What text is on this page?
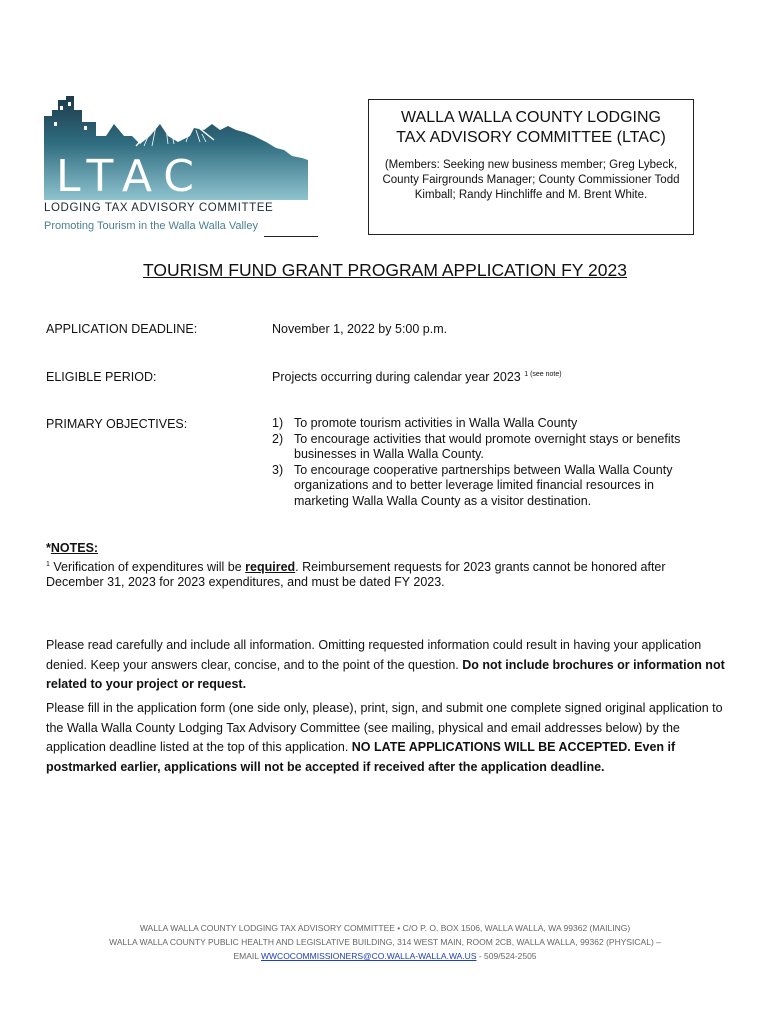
LTAC
LODGING TAX ADVISORY COMMITTEE
Promoting Tourism in the Walla Walla Valley
WALLA WALLA COUNTY LODGING
TAX ADVISORY COMMITTEE (LTAC)
(Members: Seeking new business member; Greg Lybeck, County Fairgrounds Manager; County Commissioner Todd Kimball; Randy Hinchliffe and M. Brent White.
TOURISM FUND GRANT PROGRAM APPLICATION FY 2023
APPLICATION DEADLINE:	November 1, 2022 by 5:00 p.m.
ELIGIBLE PERIOD:	Projects occurring during calendar year 2023 $^{1 (see note)}$
PRIMARY OBJECTIVES:	1) To promote tourism activities in Walla Walla County
2) To encourage activities that would promote overnight stays or benefits businesses in Walla Walla County.
3) To encourage cooperative partnerships between Walla Walla County organizations and to better leverage limited financial resources in marketing Walla Walla County as a visitor destination.
*NOTES:
$^1$ Verification of expenditures will be required. Reimbursement requests for 2023 grants cannot be honored after December 31, 2023 for 2023 expenditures, and must be dated FY 2023.
Please read carefully and include all information. Omitting requested information could result in having your application denied. Keep your answers clear, concise, and to the point of the question. Do not include brochures or information not related to your project or request.
Please fill in the application form (one side only, please), print, sign, and submit one complete signed original application to the Walla Walla County Lodging Tax Advisory Committee (see mailing, physical and email addresses below) by the application deadline listed at the top of this application. NO LATE APPLICATIONS WILL BE ACCEPTED. Even if postmarked earlier, applications will not be accepted if received after the application deadline.
WALLA WALLA COUNTY LODGING TAX ADVISORY COMMITTEE • C/O P. O. BOX 1506, WALLA WALLA, WA 99362 (MAILING)
WALLA WALLA COUNTY PUBLIC HEALTH AND LEGISLATIVE BUILDING, 314 WEST MAIN, ROOM 2CB, WALLA WALLA, 99362 (PHYSICAL) –
EMAIL WWCOCOMMISSIONERS@CO.WALLA-WALLA.WA.US - 509/524-2505
